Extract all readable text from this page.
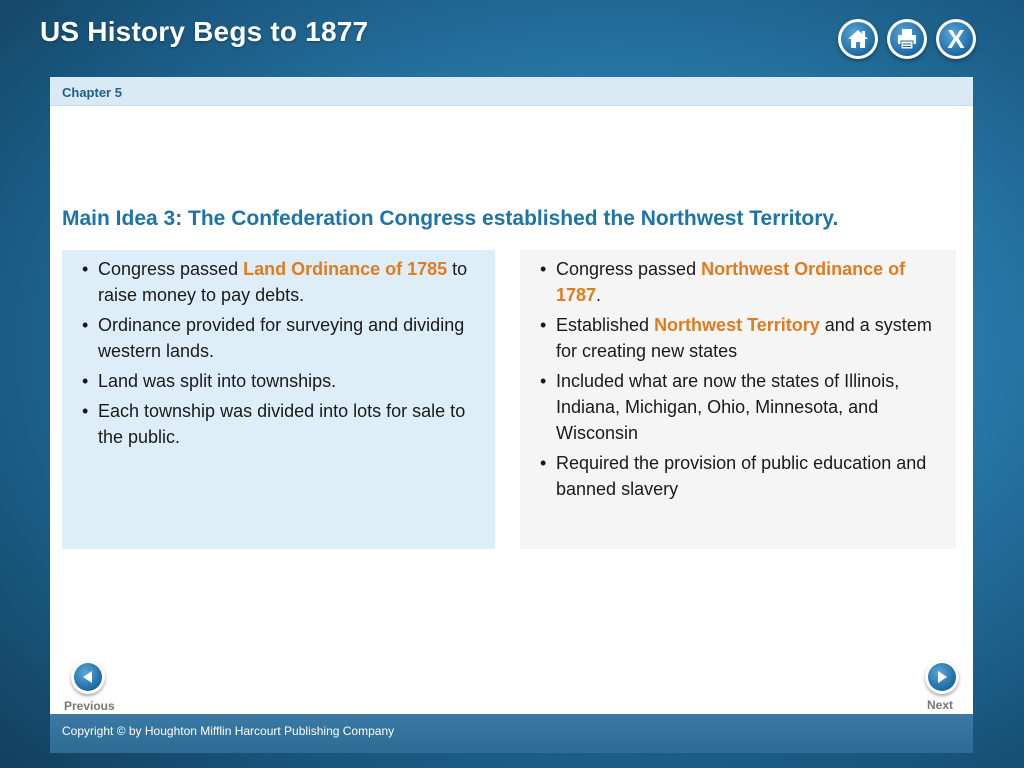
US History Begs to 1877	X
Chapter 5
Main Idea 3: The Confederation Congress established the Northwest Territory.
• Congress passed Land Ordinance of 1785 to raise money to pay debts.
• Ordinance provided for surveying and dividing western lands.
• Land was split into townships.
• Each township was divided into lots for sale to the public.
• Congress passed Northwest Ordinance of 1787.
• Established Northwest Territory and a system for creating new states
• Included what are now the states of Illinois, Indiana, Michigan, Ohio, Minnesota, and Wisconsin
• Required the provision of public education and banned slavery
Previous	Next
Copyright © by Houghton Mifflin Harcourt Publishing Company
